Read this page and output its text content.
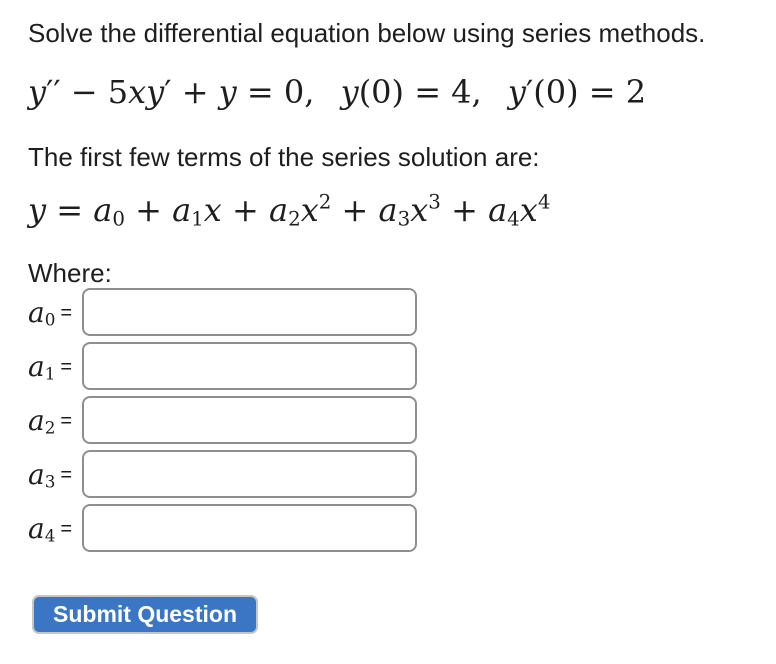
Solve the differential equation below using series methods.

y′′ − 5xy′ + y = 0,  y(0) = 4,  y′(0) = 2

The first few terms of the series solution are:

$y = a_0 + a_1x + a_2x^2 + a_3x^3 + a_4x^4$

Where:

$a_0$ =
$a_1$ =
$a_2$ =
$a_3$ =
$a_4$ =
Submit Question
